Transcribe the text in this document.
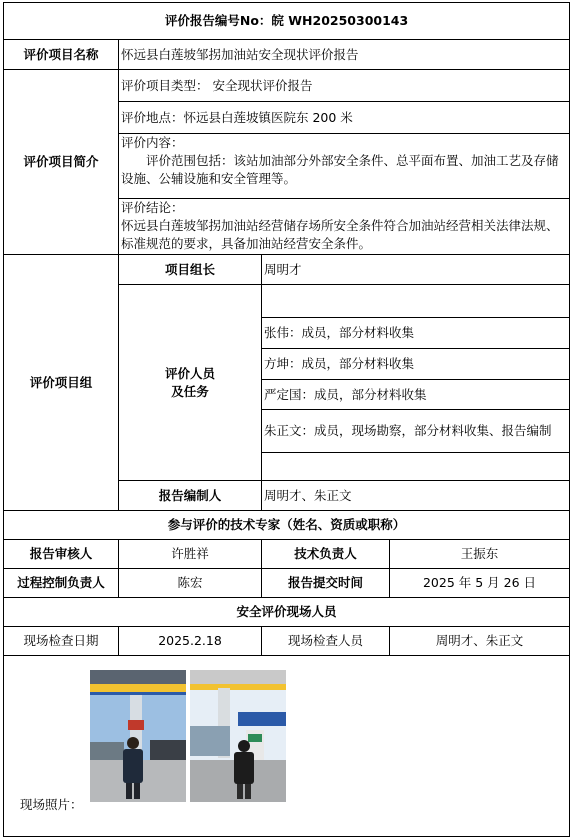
评价报告编号No：皖 WH20250300143			
评价项目名称	怀远县白莲坡邹拐加油站安全现状评价报告		
评价项目简介	评价项目类型： 安全现状评价报告		
	评价地点：怀远县白莲坡镇医院东 200 米		

	评价内容：
评价范围包括：该站加油部分外部安全条件、总平面布置、加油工艺及存储设施、公辅设施和安全管理等。		

	评价结论：
怀远县白莲坡邹拐加油站经营储存场所安全条件符合加油站经营相关法律法规、标准规范的要求，具备加油站经营安全条件。		

评价项目组	项目组长	周明才	

	评价人员
及任务		

		张伟：成员，部分材料收集	
		方坤：成员，部分材料收集	
		严定国：成员，部分材料收集	
		朱正文：成员，现场勘察，部分材料收集、报告编制	

	报告编制人	周明才、朱正文	
参与评价的技术专家（姓名、资质或职称）			
报告审核人	许胜祥	技术负责人	王振东
过程控制负责人	陈宏	报告提交时间	2025 年 5 月 26 日
安全评价现场人员			
现场检查日期	2025.2.18	现场检查人员	周明才、朱正文

现场照片：			
